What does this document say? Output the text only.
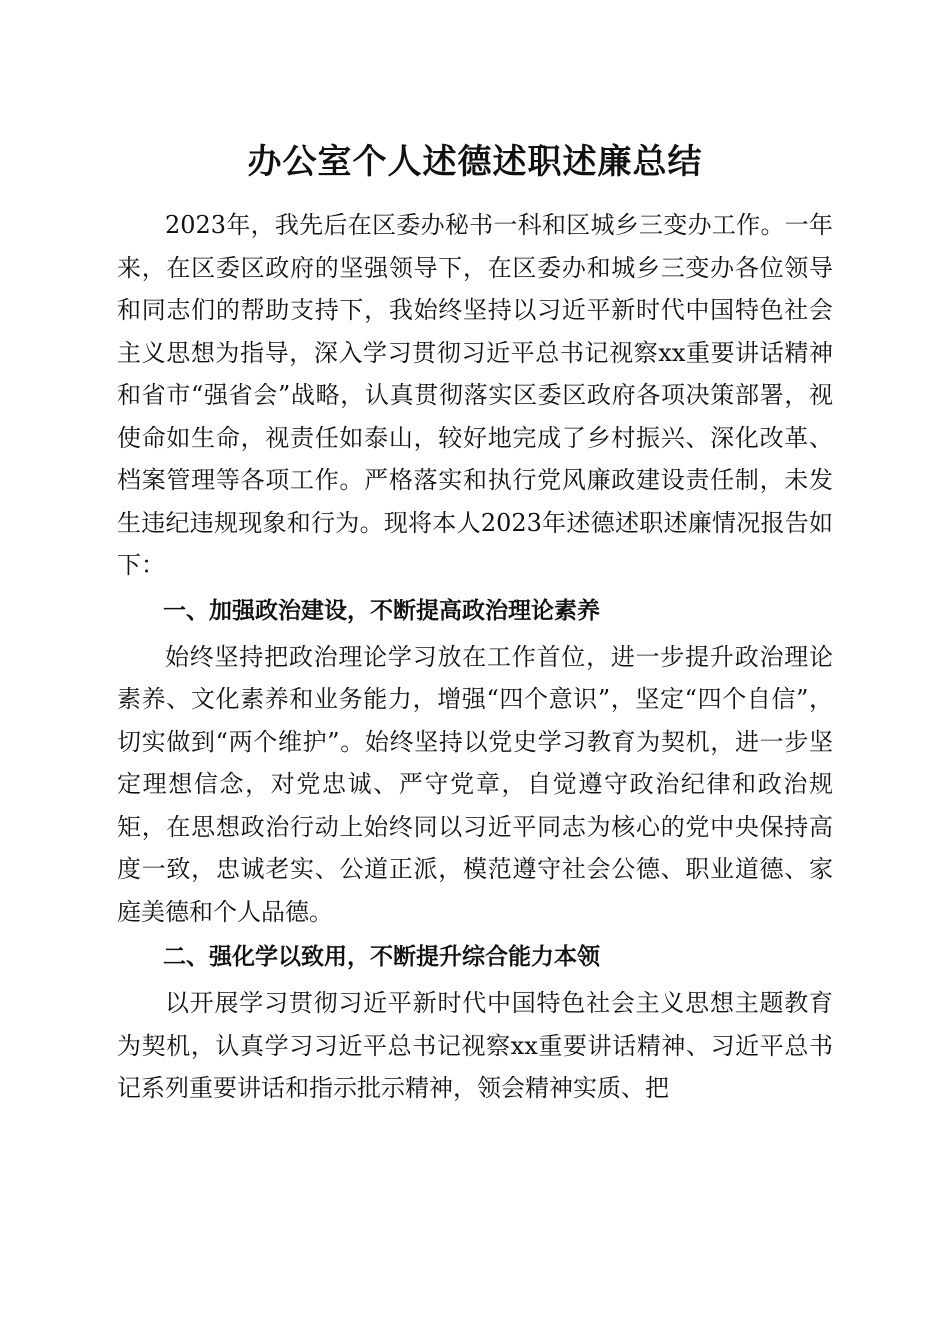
办公室个人述德述职述廉总结

2023年，我先后在区委办秘书一科和区城乡三变办工作。一年来，在区委区政府的坚强领导下，在区委办和城乡三变办各位领导和同志们的帮助支持下，我始终坚持以习近平新时代中国特色社会主义思想为指导，深入学习贯彻习近平总书记视察xx重要讲话精神和省市“强省会”战略，认真贯彻落实区委区政府各项决策部署，视使命如生命，视责任如泰山，较好地完成了乡村振兴、深化改革、档案管理等各项工作。严格落实和执行党风廉政建设责任制，未发生违纪违规现象和行为。现将本人2023年述德述职述廉情况报告如下：

一、加强政治建设，不断提高政治理论素养

始终坚持把政治理论学习放在工作首位，进一步提升政治理论素养、文化素养和业务能力，增强“四个意识”，坚定“四个自信”，切实做到“两个维护”。始终坚持以党史学习教育为契机，进一步坚定理想信念，对党忠诚、严守党章，自觉遵守政治纪律和政治规矩，在思想政治行动上始终同以习近平同志为核心的党中央保持高度一致，忠诚老实、公道正派，模范遵守社会公德、职业道德、家庭美德和个人品德。

二、强化学以致用，不断提升综合能力本领

以开展学习贯彻习近平新时代中国特色社会主义思想主题教育为契机，认真学习习近平总书记视察xx重要讲话精神、习近平总书记系列重要讲话和指示批示精神，领会精神实质、把
